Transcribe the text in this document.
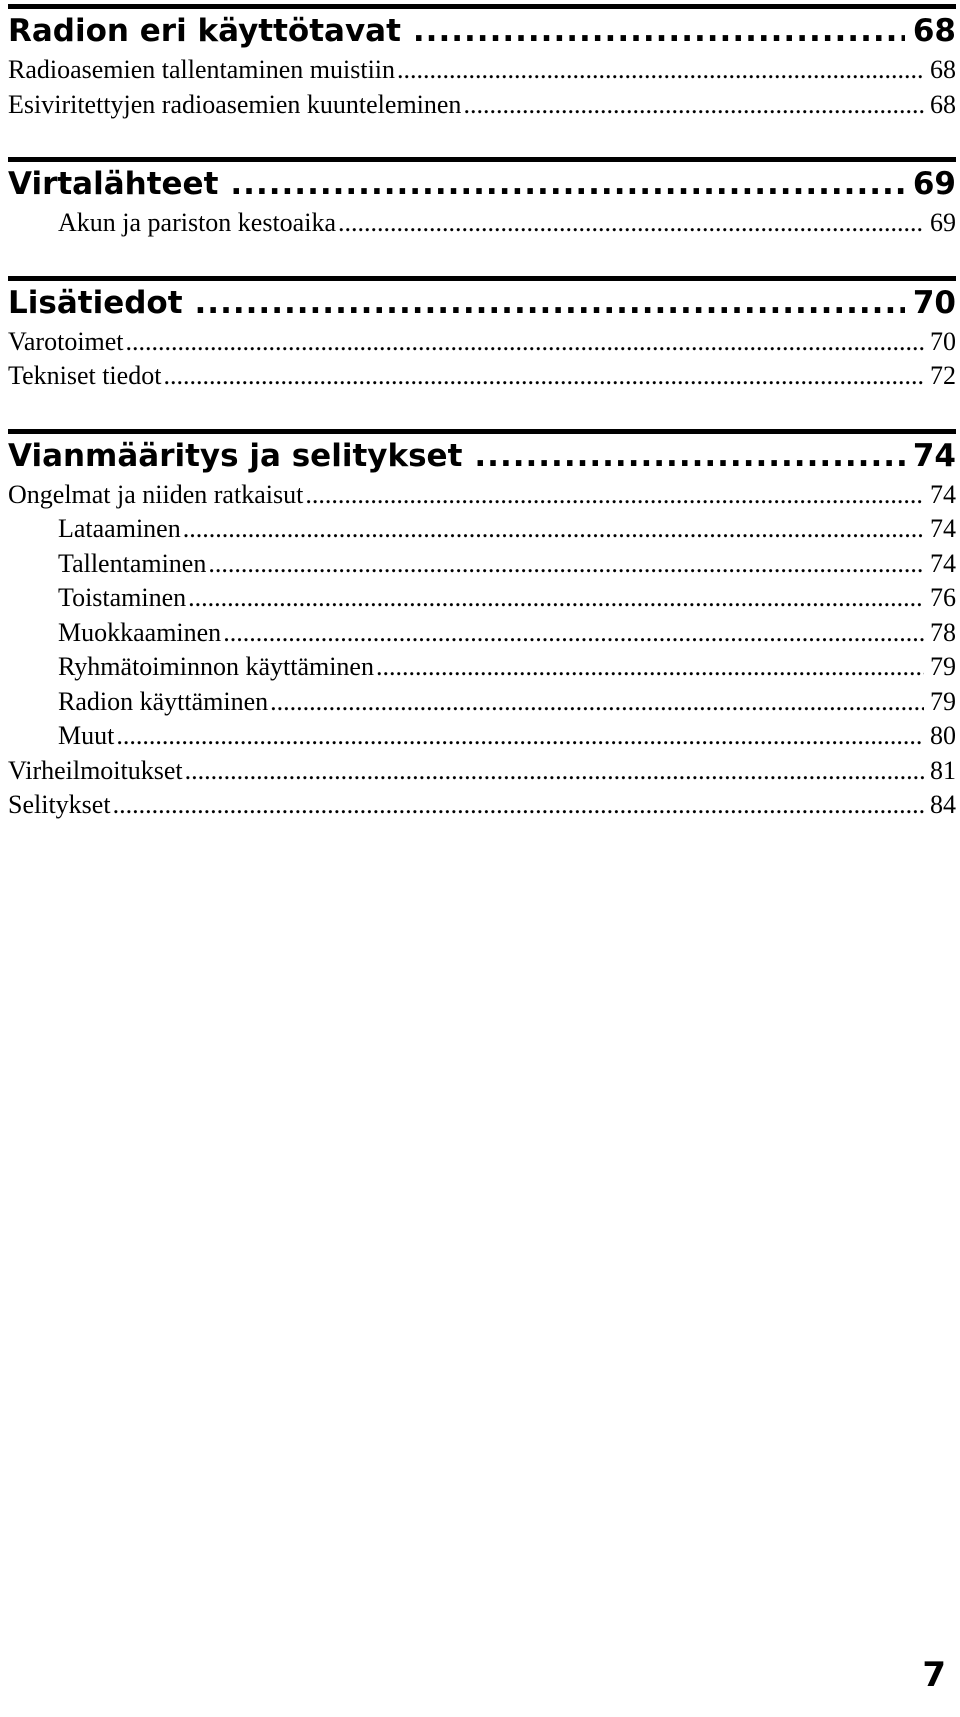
Radion eri käyttötavat .....	68
Radioasemien tallentaminen muistiin .....	68
Esiviritettyjen radioasemien kuunteleminen .....	68
Virtalähteet .....	69
Akun ja pariston kestoaika .....	69
Lisätiedot .....	70
Varotoimet .....	70
Tekniset tiedot .....	72
Vianmääritys ja selitykset .....	74
Ongelmat ja niiden ratkaisut .....	74
Lataaminen .....	74
Tallentaminen .....	74
Toistaminen .....	76
Muokkaaminen .....	78
Ryhmätoiminnon käyttäminen .....	79
Radion käyttäminen .....	79
Muut .....	80
Virheilmoitukset .....	81
Selitykset .....	84
7
